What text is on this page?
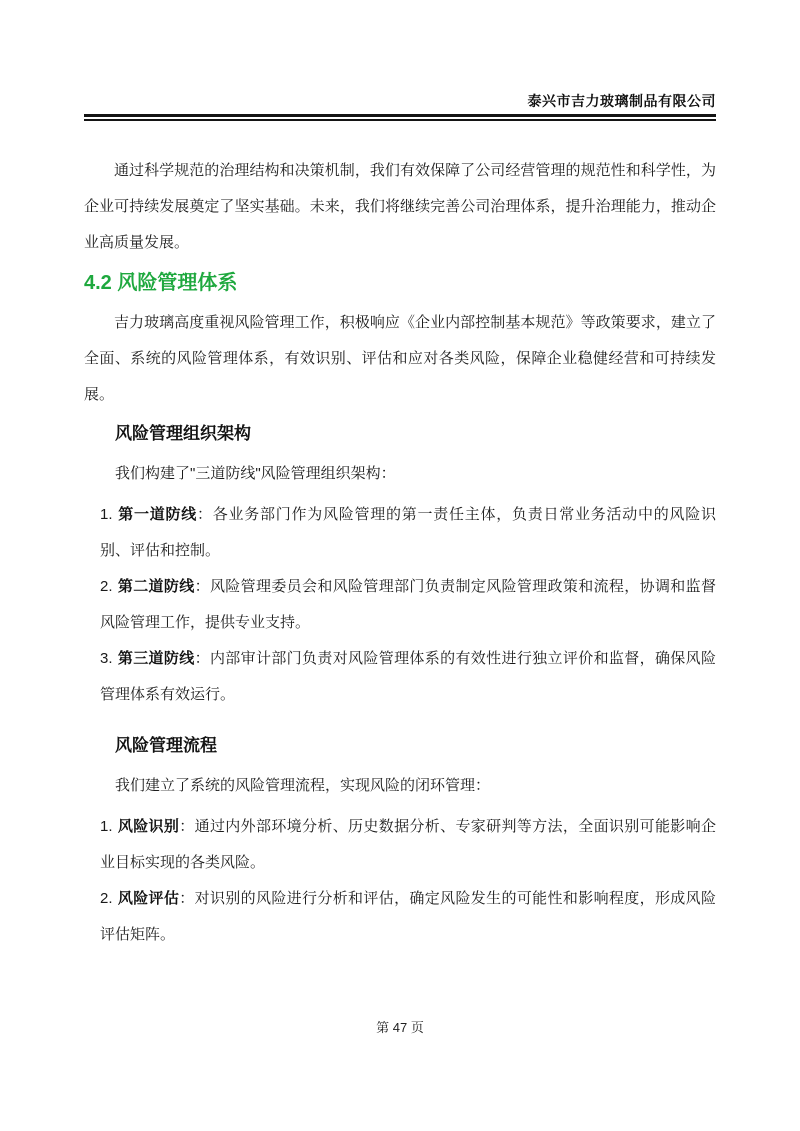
泰兴市吉力玻璃制品有限公司

通过科学规范的治理结构和决策机制，我们有效保障了公司经营管理的规范性和科学性，为企业可持续发展奠定了坚实基础。未来，我们将继续完善公司治理体系，提升治理能力，推动企业高质量发展。

4.2 风险管理体系

吉力玻璃高度重视风险管理工作，积极响应《企业内部控制基本规范》等政策要求，建立了全面、系统的风险管理体系，有效识别、评估和应对各类风险，保障企业稳健经营和可持续发展。

风险管理组织架构

我们构建了"三道防线"风险管理组织架构：

1. 第一道防线：各业务部门作为风险管理的第一责任主体，负责日常业务活动中的风险识别、评估和控制。

2. 第二道防线：风险管理委员会和风险管理部门负责制定风险管理政策和流程，协调和监督风险管理工作，提供专业支持。

3. 第三道防线：内部审计部门负责对风险管理体系的有效性进行独立评价和监督，确保风险管理体系有效运行。

风险管理流程

我们建立了系统的风险管理流程，实现风险的闭环管理：

1. 风险识别：通过内外部环境分析、历史数据分析、专家研判等方法，全面识别可能影响企业目标实现的各类风险。

2. 风险评估：对识别的风险进行分析和评估，确定风险发生的可能性和影响程度，形成风险评估矩阵。

第 47 页
